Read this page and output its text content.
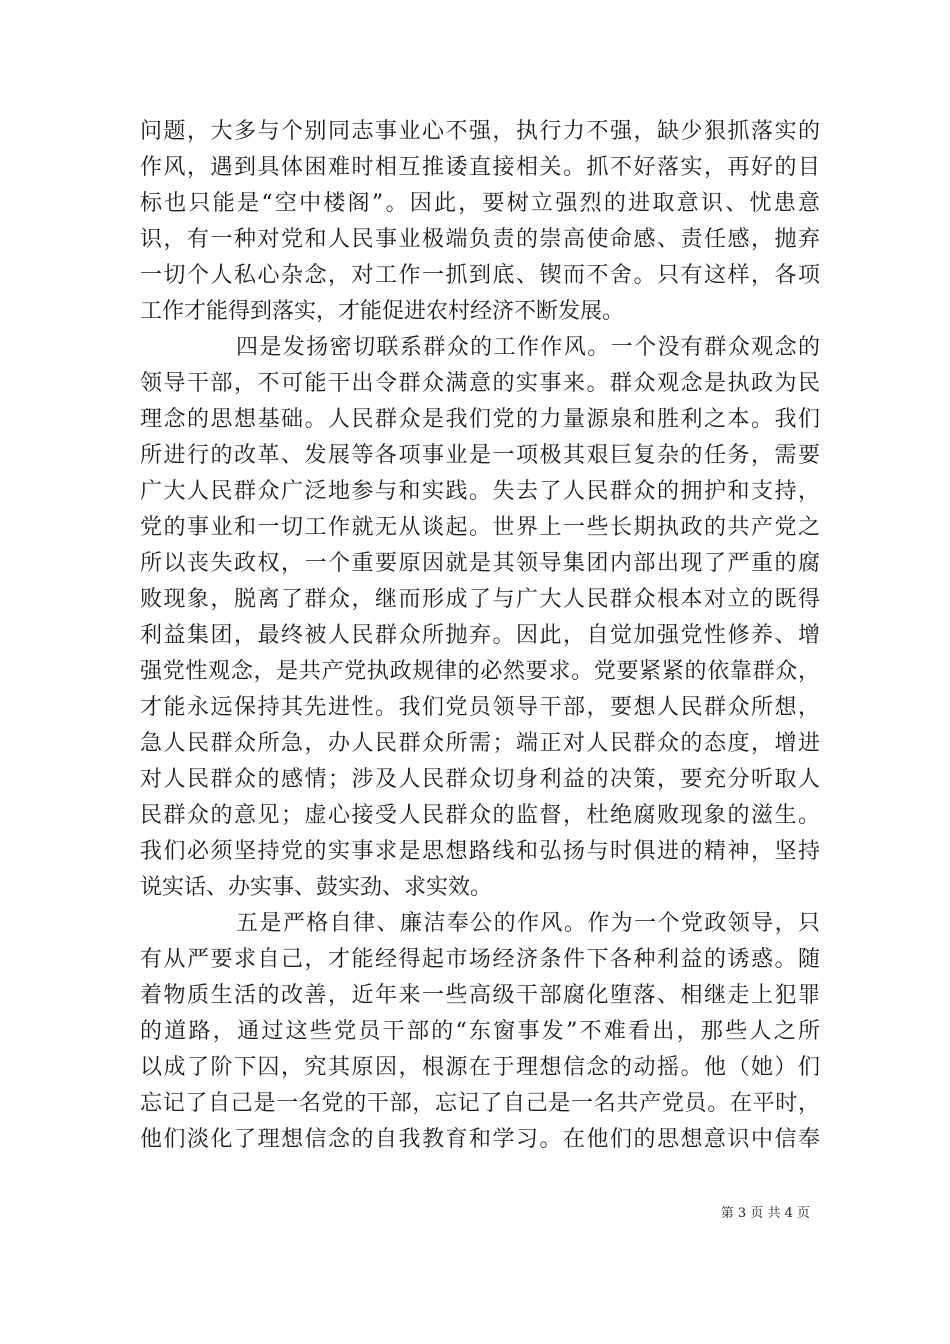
问题，大多与个别同志事业心不强，执行力不强，缺少狠抓落实的
作风，遇到具体困难时相互推诿直接相关。抓不好落实，再好的目
标也只能是“空中楼阁”。因此，要树立强烈的进取意识、忧患意
识，有一种对党和人民事业极端负责的崇高使命感、责任感，抛弃
一切个人私心杂念，对工作一抓到底、锲而不舍。只有这样，各项
工作才能得到落实，才能促进农村经济不断发展。
四是发扬密切联系群众的工作作风。一个没有群众观念的
领导干部，不可能干出令群众满意的实事来。群众观念是执政为民
理念的思想基础。人民群众是我们党的力量源泉和胜利之本。我们
所进行的改革、发展等各项事业是一项极其艰巨复杂的任务，需要
广大人民群众广泛地参与和实践。失去了人民群众的拥护和支持，
党的事业和一切工作就无从谈起。世界上一些长期执政的共产党之
所以丧失政权，一个重要原因就是其领导集团内部出现了严重的腐
败现象，脱离了群众，继而形成了与广大人民群众根本对立的既得
利益集团，最终被人民群众所抛弃。因此，自觉加强党性修养、增
强党性观念，是共产党执政规律的必然要求。党要紧紧的依靠群众，
才能永远保持其先进性。我们党员领导干部，要想人民群众所想，
急人民群众所急，办人民群众所需；端正对人民群众的态度，增进
对人民群众的感情；涉及人民群众切身利益的决策，要充分听取人
民群众的意见；虚心接受人民群众的监督，杜绝腐败现象的滋生。
我们必须坚持党的实事求是思想路线和弘扬与时俱进的精神，坚持
说实话、办实事、鼓实劲、求实效。
五是严格自律、廉洁奉公的作风。作为一个党政领导，只
有从严要求自己，才能经得起市场经济条件下各种利益的诱惑。随
着物质生活的改善，近年来一些高级干部腐化堕落、相继走上犯罪
的道路，通过这些党员干部的“东窗事发”不难看出，那些人之所
以成了阶下囚，究其原因，根源在于理想信念的动摇。他（她）们
忘记了自己是一名党的干部，忘记了自己是一名共产党员。在平时，
他们淡化了理想信念的自我教育和学习。在他们的思想意识中信奉
第 3 页 共 4 页
